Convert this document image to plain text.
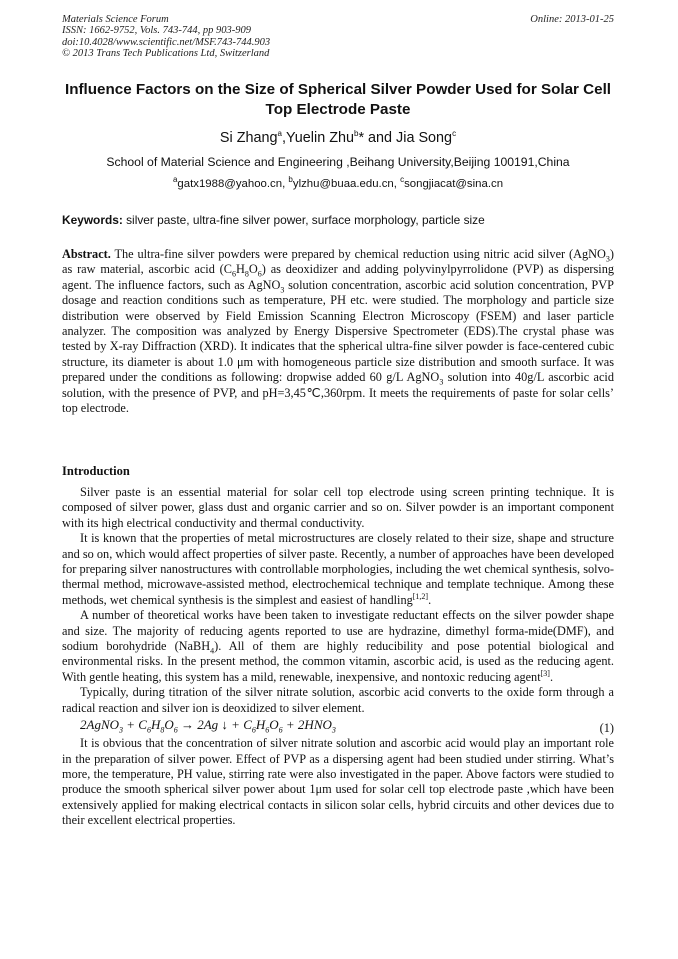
Materials Science Forum
ISSN: 1662-9752, Vols. 743-744, pp 903-909
doi:10.4028/www.scientific.net/MSF.743-744.903
© 2013 Trans Tech Publications Ltd, Switzerland
Online: 2013-01-25
Influence Factors on the Size of Spherical Silver Powder Used for Solar Cell Top Electrode Paste
Si Zhang$^a$,Yuelin Zhu$^b$* and Jia Song$^c$
School of Material Science and Engineering ,Beihang University,Beijing 100191,China
$^a$gatx1988@yahoo.cn, $^b$ylzhu@buaa.edu.cn, $^c$songjiacat@sina.cn
Keywords: silver paste, ultra-fine silver power, surface morphology, particle size
Abstract. The ultra-fine silver powders were prepared by chemical reduction using nitric acid silver (AgNO$_3$) as raw material, ascorbic acid $(C_6H_8O_6)$ as deoxidizer and adding polyvinylpyrrolidone (PVP) as dispersing agent. The influence factors, such as AgNO$_3$ solution concentration, ascorbic acid solution concentration, PVP dosage and reaction conditions such as temperature, PH etc. were studied. The morphology and particle size distribution were observed by Field Emission Scanning Electron Microscopy (FSEM) and laser particle analyzer. The composition was analyzed by Energy Dispersive Spectrometer (EDS).The crystal phase was tested by X-ray Diffraction (XRD). It indicates that the spherical ultra-fine silver powder is face-centered cubic structure, its diameter is about 1.0 μm with homogeneous particle size distribution and smooth surface. It was prepared under the conditions as following: dropwise added 60 g/L AgNO$_3$ solution into 40g/L ascorbic acid solution, with the presence of PVP, and pH=3,45℃,360rpm. It meets the requirements of paste for solar cells’ top electrode.
Introduction

Silver paste is an essential material for solar cell top electrode using screen printing technique. It is composed of silver power, glass dust and organic carrier and so on. Silver powder is an important component with its high electrical conductivity and thermal conductivity.

It is known that the properties of metal microstructures are closely related to their size, shape and structure and so on, which would affect properties of silver paste. Recently, a number of approaches have been developed for preparing silver nanostructures with controllable morphologies, including the wet chemical synthesis, solvo-thermal method, microwave-assisted method, electrochemical technique and template technique. Among these methods, wet chemical synthesis is the simplest and easiest of handling[1,2].

A number of theoretical works have been taken to investigate reductant effects on the silver powder shape and size. The majority of reducing agents reported to use are hydrazine, dimethyl forma-mide(DMF), and sodium borohydride (NaBH$_4$). All of them are highly reducibility and pose potential biological and environmental risks. In the present method, the common vitamin, ascorbic acid, is used as the reducing agent. With gentle heating, this system has a mild, renewable, inexpensive, and nontoxic reducing agent[3].

Typically, during titration of the silver nitrate solution, ascorbic acid converts to the oxide form through a radical reaction and silver ion is deoxidized to silver element.

2AgNO$_3$ + $C_6H_8O_6 \to 2Ag$ ↓ + $C_6H_6O_6 + 2HNO_3$	(1)

It is obvious that the concentration of silver nitrate solution and ascorbic acid would play an important role in the preparation of silver power. Effect of PVP as a dispersing agent had been studied under stirring. What’s more, the temperature, PH value, stirring rate were also investigated in the paper. Above factors were studied to produce the smooth spherical silver power about 1μm used for solar cell top electrode paste ,which have been extensively applied for making electrical contacts in silicon solar cells, hybrid circuits and other devices due to their excellent electrical properties.
